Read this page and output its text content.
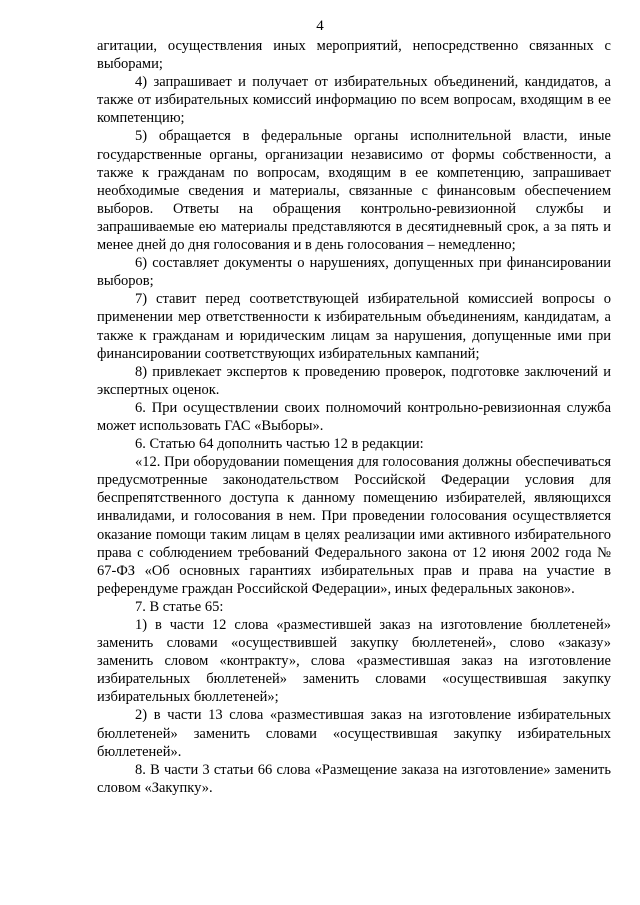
4

агитации, осуществления иных мероприятий, непосредственно связанных с выборами;

4) запрашивает и получает от избирательных объединений, кандидатов, а также от избирательных комиссий информацию по всем вопросам, входящим в ее компетенцию;

5) обращается в федеральные органы исполнительной власти, иные государственные органы, организации независимо от формы собственности, а также к гражданам по вопросам, входящим в ее компетенцию, запрашивает необходимые сведения и материалы, связанные с финансовым обеспечением выборов. Ответы на обращения контрольно-ревизионной службы и запрашиваемые ею материалы представляются в десятидневный срок, а за пять и менее дней до дня голосования и в день голосования – немедленно;

6) составляет документы о нарушениях, допущенных при финансировании выборов;

7) ставит перед соответствующей избирательной комиссией вопросы о применении мер ответственности к избирательным объединениям, кандидатам, а также к гражданам и юридическим лицам за нарушения, допущенные ими при финансировании соответствующих избирательных кампаний;

8) привлекает экспертов к проведению проверок, подготовке заключений и экспертных оценок.

6. При осуществлении своих полномочий контрольно-ревизионная служба может использовать ГАС «Выборы».

6. Статью 64 дополнить частью 12 в редакции:

«12. При оборудовании помещения для голосования должны обеспечиваться предусмотренные законодательством Российской Федерации условия для беспрепятственного доступа к данному помещению избирателей, являющихся инвалидами, и голосования в нем. При проведении голосования осуществляется оказание помощи таким лицам в целях реализации ими активного избирательного права с соблюдением требований Федерального закона от 12 июня 2002 года № 67-ФЗ «Об основных гарантиях избирательных прав и права на участие в референдуме граждан Российской Федерации», иных федеральных законов».

7. В статье 65:

1) в части 12 слова «разместившей заказ на изготовление бюллетеней» заменить словами «осуществившей закупку бюллетеней», слово «заказу» заменить словом «контракту», слова «разместившая заказ на изготовление избирательных бюллетеней» заменить словами «осуществившая закупку избирательных бюллетеней»;

2) в части 13 слова «разместившая заказ на изготовление избирательных бюллетеней» заменить словами «осуществившая закупку избирательных бюллетеней».

8. В части 3 статьи 66 слова «Размещение заказа на изготовление» заменить словом «Закупку».
